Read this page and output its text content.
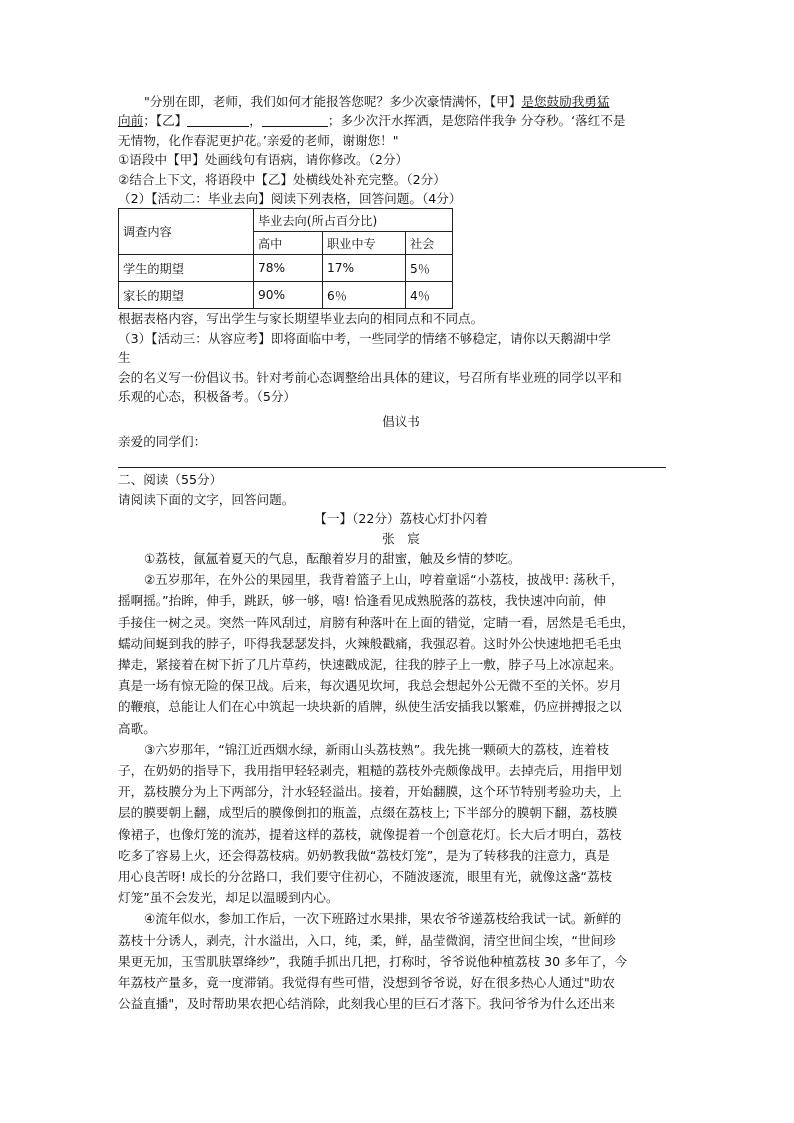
"分别在即，老师，我们如何才能报答您呢？多少次豪情满怀，【甲】是您鼓励我勇猛
向前；【乙】	，	；多少次汗水挥洒，是您陪伴我争 分夺秒。‘落红不是
无情物，化作春泥更护花。’亲爱的老师，谢谢您！"
①语段中【甲】处画线句有语病，请你修改。（2分）
②结合上下文，将语段中【乙】处横线处补充完整。（2分）
（2）【活动二：毕业去向】阅读下列表格，回答问题。（4分）
调查内容	毕业去向(所占百分比)		
	高中	职业中专	社会
学生的期望	78%	17%	5％
家长的期望	90%	6％	4％
根据表格内容，写出学生与家长期望毕业去向的相同点和不同点。
（3）【活动三：从容应考】即将面临中考，一些同学的情绪不够稳定，请你以天鹅湖中学
生
会的名义写一份倡议书。针对考前心态调整给出具体的建议，号召所有毕业班的同学以平和
乐观的心态，积极备考。（5分）
倡议书
亲爱的同学们：
二、阅读（55分）
请阅读下面的文字，回答问题。
【一】（22分）荔枝心灯扑闪着
张　宸
①荔枝，氤氲着夏天的气息，酝酿着岁月的甜蜜，触及乡情的梦吃。
②五岁那年，在外公的果园里，我背着篮子上山，哼着童谣“小荔枝，披战甲: 荡秋千，
摇啊摇。”抬眸，伸手，跳跃，够一够，嘻! 恰逢看见成熟脱落的荔枝，我快速冲向前，伸
手接住一树之灵。突然一阵风刮过，肩膀有种落叶在上面的错觉，定睛一看，居然是毛毛虫，
蠕动间蜒到我的脖子，吓得我瑟瑟发抖，火辣般戳痛，我强忍着。这时外公快速地把毛毛虫
撵走，紧接着在树下折了几片草药，快速戳成泥，往我的脖子上一敷，脖子马上冰凉起来。
真是一场有惊无险的保卫战。后来，每次遇见坎坷，我总会想起外公无微不至的关怀。岁月
的鞭痕，总能让人们在心中筑起一块块新的盾牌，纵使生活安插我以繁难，仍应拼搏报之以
高歌。
③六岁那年，“锦江近西烟水绿，新雨山头荔枝熟”。我先挑一颗硕大的荔枝，连着枝
子，在奶奶的指导下，我用指甲轻轻剥壳，粗糙的荔枝外壳颇像战甲。去掉壳后，用指甲划
开，荔枝膜分为上下两部分，汁水轻轻溢出。接着，开始翻膜，这个环节特别考验功夫，上
层的膜要朝上翻，成型后的膜像倒扣的瓶盖，点缀在荔枝上; 下半部分的膜朝下翻，荔枝膜
像裙子，也像灯笼的流苏，提着这样的荔枝，就像提着一个创意花灯。长大后才明白，荔枝
吃多了容易上火，还会得荔枝病。奶奶教我做“荔枝灯笼”，是为了转移我的注意力，真是
用心良苦呀! 成长的分岔路口，我们要守住初心，不随波逐流，眼里有光，就像这盏“荔枝
灯笼”虽不会发光，却足以温暖到内心。
④流年似水，参加工作后，一次下班路过水果排，果农爷爷递荔枝给我试一试。新鲜的
荔枝十分诱人，剥壳，汁水溢出，入口，纯，柔，鲜，晶莹微润，清空世间尘埃，“世间珍
果更无加，玉雪肌肤罩绛纱”，我随手抓出几把，打称时，爷爷说他种植荔枝 30 多年了，今
年荔枝产量多，竟一度滞销。我觉得有些可惜，没想到爷爷说，好在很多热心人通过"助农
公益直播"，及时帮助果农把心结消除，此刻我心里的巨石才落下。我问爷爷为什么还出来
